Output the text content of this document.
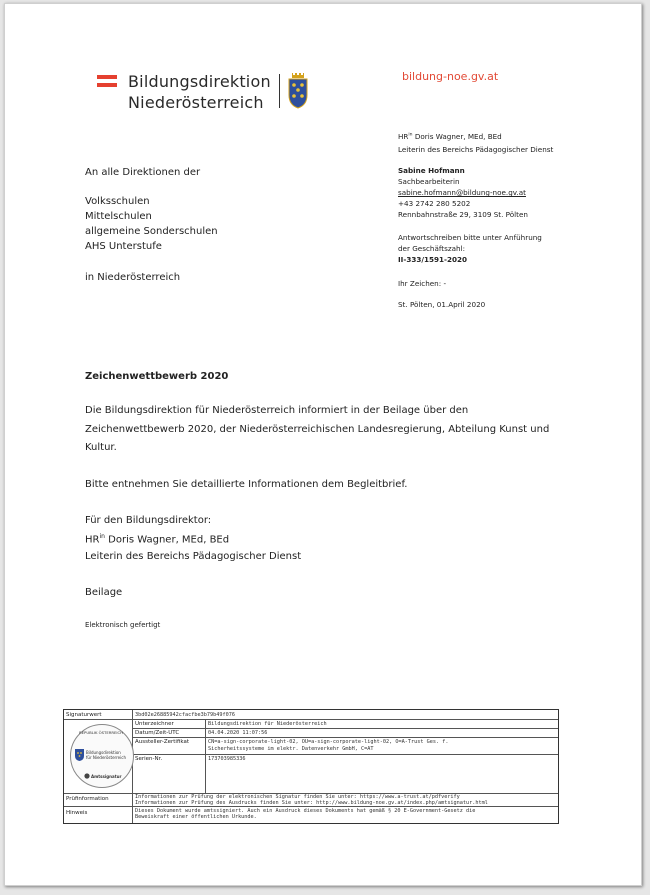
Bildungsdirektion
Niederösterreich
bildung-noe.gv.at
$HR^{in}$ Doris Wagner, MEd, BEd
Leiterin des Bereichs Pädagogischer Dienst
Sabine Hofmann
Sachbearbeiterin
sabine.hofmann@bildung-noe.gv.at
+43 2742 280 5202
Rennbahnstraße 29, 3109 St. Pölten
Antwortschreiben bitte unter Anführung
der Geschäftszahl:
II-333/1591-2020
Ihr Zeichen: -
St. Pölten, 01.April 2020
An alle Direktionen der
Volksschulen
Mittelschulen
allgemeine Sonderschulen
AHS Unterstufe
in Niederösterreich
Zeichenwettbewerb 2020
Die Bildungsdirektion für Niederösterreich informiert in der Beilage über den
Zeichenwettbewerb 2020, der Niederösterreichischen Landesregierung, Abteilung Kunst und
Kultur.
Bitte entnehmen Sie detaillierte Informationen dem Begleitbrief.
Für den Bildungsdirektor:
$HR^{in}$ Doris Wagner, MEd, BEd
Leiterin des Bereichs Pädagogischer Dienst
Beilage
Elektronisch gefertigt
Signaturwert	3bd02e26885942cfacfbe3b79b49f076
Unterzeichner	Bildungsdirektion für Niederösterreich
Datum/Zeit-UTC	04.04.2020 11:07:56
Aussteller-Zertifikat	CN=a-sign-corporate-light-02, OU=a-sign-corporate-light-02, O=A-Trust Ges. f.
Sicherheitssysteme im elektr. Datenverkehr GmbH, C=AT
Serien-Nr.	173703985336
REPUBLIK ÖSTERREICH
Bildungsdirektion
für Niederösterreich
Amtssignatur
Prüfinformation	Informationen zur Prüfung der elektronischen Signatur finden Sie unter: https://www.a-trust.at/pdfverify
Informationen zur Prüfung des Ausdrucks finden Sie unter: http://www.bildung-noe.gv.at/index.php/amtsignatur.html
Hinweis	Dieses Dokument wurde amtssigniert. Auch ein Ausdruck dieses Dokuments hat gemäß § 20 E-Government-Gesetz die
Beweiskraft einer öffentlichen Urkunde.
